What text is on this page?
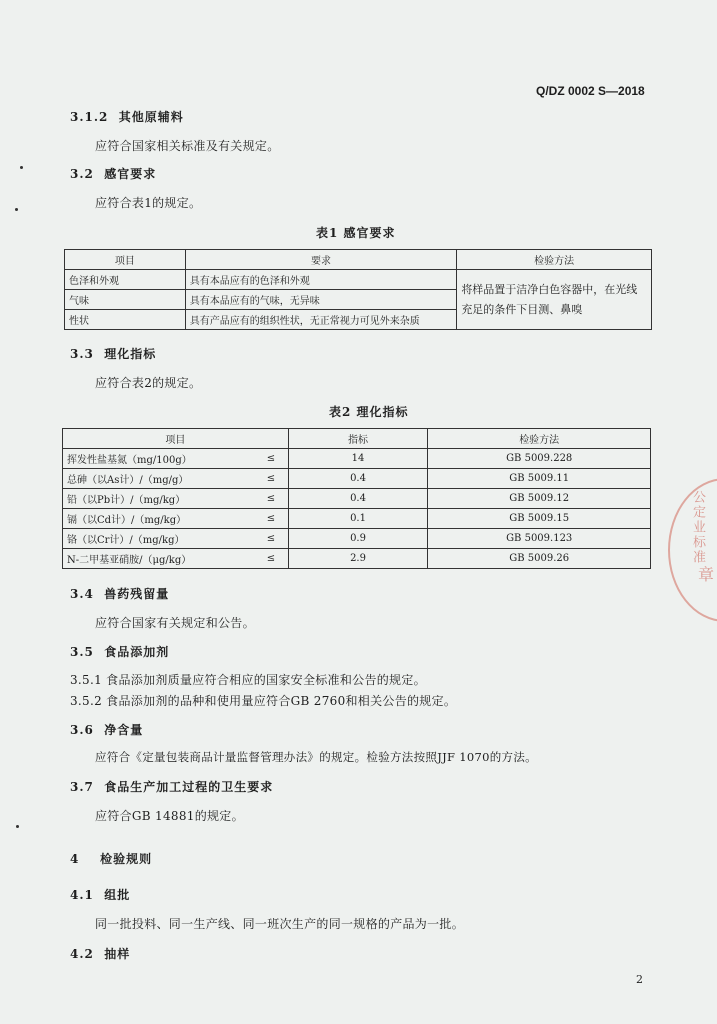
Q/DZ 0002 S—2018
3.1.2 其他原辅料
应符合国家相关标准及有关规定。
3.2 感官要求
应符合表1的规定。
表1 感官要求
项目	要求	检验方法
色泽和外观	具有本品应有的色泽和外观	将样品置于洁净白色容器中，在光线充足的条件下目测、鼻嗅
气味	具有本品应有的气味，无异味	
性状	具有产品应有的组织性状，无正常视力可见外来杂质	
3.3 理化指标
应符合表2的规定。
表2 理化指标
项目		指标	检验方法
挥发性盐基氮（mg/100g）	≤	14	GB 5009.228
总砷（以As计）/（mg/g）	≤	0.4	GB 5009.11
铅（以Pb计）/（mg/kg）	≤	0.4	GB 5009.12
镉（以Cd计）/（mg/kg）	≤	0.1	GB 5009.15
铬（以Cr计）/（mg/kg）	≤	0.9	GB 5009.123
N-二甲基亚硝胺/（μg/kg）	≤	2.9	GB 5009.26
3.4 兽药残留量
应符合国家有关规定和公告。
3.5 食品添加剂
3.5.1 食品添加剂质量应符合相应的国家安全标准和公告的规定。
3.5.2 食品添加剂的品种和使用量应符合GB 2760和相关公告的规定。
3.6 净含量
应符合《定量包装商品计量监督管理办法》的规定。检验方法按照JJF 1070的方法。
3.7 食品生产加工过程的卫生要求
应符合GB 14881的规定。
4 检验规则
4.1 组批
同一批投料、同一生产线、同一班次生产的同一规格的产品为一批。
4.2 抽样
2
公定业标准
章
